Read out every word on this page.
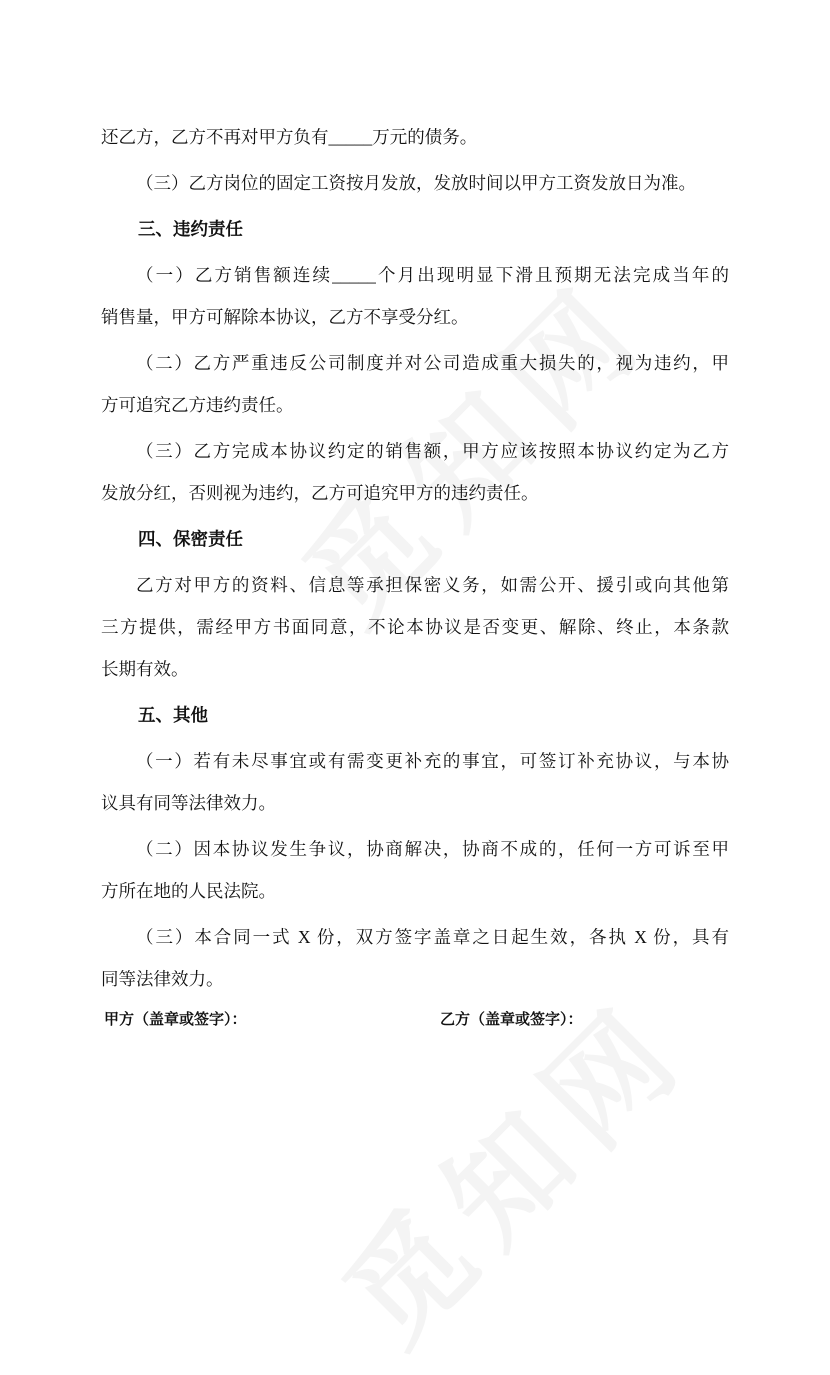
还乙方，乙方不再对甲方负有_____万元的债务。
（三）乙方岗位的固定工资按月发放，发放时间以甲方工资发放日为准。
三、违约责任
（一）乙方销售额连续_____个月出现明显下滑且预期无法完成当年的
销售量，甲方可解除本协议，乙方不享受分红。
（二）乙方严重违反公司制度并对公司造成重大损失的，视为违约，甲
方可追究乙方违约责任。
（三）乙方完成本协议约定的销售额，甲方应该按照本协议约定为乙方
发放分红，否则视为违约，乙方可追究甲方的违约责任。
四、保密责任
乙方对甲方的资料、信息等承担保密义务，如需公开、援引或向其他第
三方提供，需经甲方书面同意，不论本协议是否变更、解除、终止，本条款
长期有效。
五、其他
（一）若有未尽事宜或有需变更补充的事宜，可签订补充协议，与本协
议具有同等法律效力。
（二）因本协议发生争议，协商解决，协商不成的，任何一方可诉至甲
方所在地的人民法院。
（三）本合同一式 X 份，双方签字盖章之日起生效，各执 X 份，具有
同等法律效力。
甲方（盖章或签字）：	乙方（盖章或签字）：
